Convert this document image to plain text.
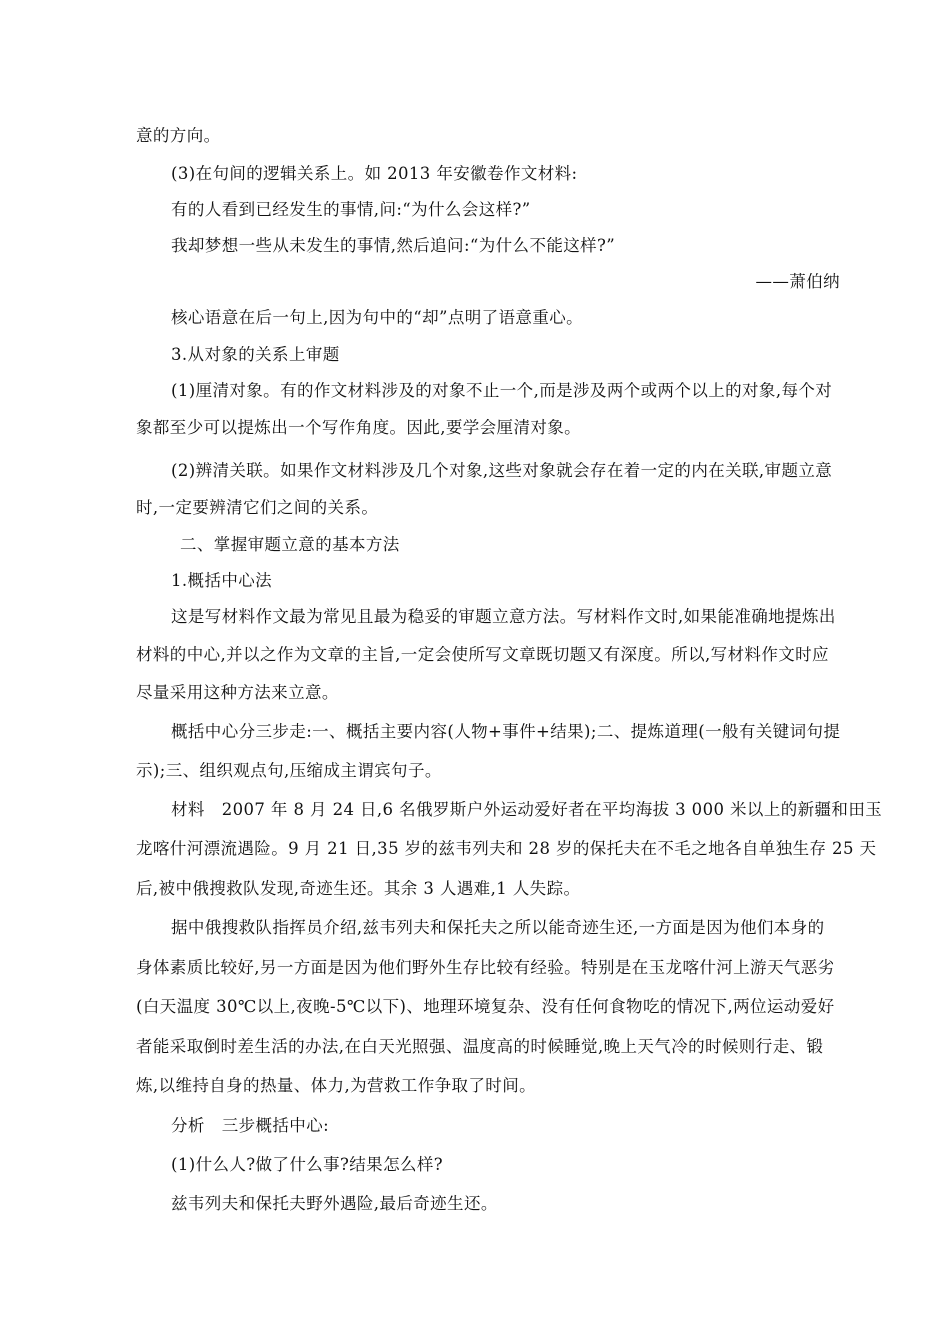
意的方向。
(3)在句间的逻辑关系上。如 2013 年安徽卷作文材料:
有的人看到已经发生的事情,问:“为什么会这样?”
我却梦想一些从未发生的事情,然后追问:“为什么不能这样?”
——萧伯纳
核心语意在后一句上,因为句中的“却”点明了语意重心。
3.从对象的关系上审题
(1)厘清对象。有的作文材料涉及的对象不止一个,而是涉及两个或两个以上的对象,每个对
象都至少可以提炼出一个写作角度。因此,要学会厘清对象。
(2)辨清关联。如果作文材料涉及几个对象,这些对象就会存在着一定的内在关联,审题立意
时,一定要辨清它们之间的关系。
二、掌握审题立意的基本方法
1.概括中心法
这是写材料作文最为常见且最为稳妥的审题立意方法。写材料作文时,如果能准确地提炼出
材料的中心,并以之作为文章的主旨,一定会使所写文章既切题又有深度。所以,写材料作文时应
尽量采用这种方法来立意。
概括中心分三步走:一、概括主要内容(人物+事件+结果);二、提炼道理(一般有关键词句提
示);三、组织观点句,压缩成主谓宾句子。
材料　2007 年 8 月 24 日,6 名俄罗斯户外运动爱好者在平均海拔 3 000 米以上的新疆和田玉
龙喀什河漂流遇险。9 月 21 日,35 岁的兹韦列夫和 28 岁的保托夫在不毛之地各自单独生存 25 天
后,被中俄搜救队发现,奇迹生还。其余 3 人遇难,1 人失踪。
据中俄搜救队指挥员介绍,兹韦列夫和保托夫之所以能奇迹生还,一方面是因为他们本身的
身体素质比较好,另一方面是因为他们野外生存比较有经验。特别是在玉龙喀什河上游天气恶劣
(白天温度 30℃以上,夜晚-5℃以下)、地理环境复杂、没有任何食物吃的情况下,两位运动爱好
者能采取倒时差生活的办法,在白天光照强、温度高的时候睡觉,晚上天气冷的时候则行走、锻
炼,以维持自身的热量、体力,为营救工作争取了时间。
分析　三步概括中心:
(1)什么人?做了什么事?结果怎么样?
兹韦列夫和保托夫野外遇险,最后奇迹生还。
